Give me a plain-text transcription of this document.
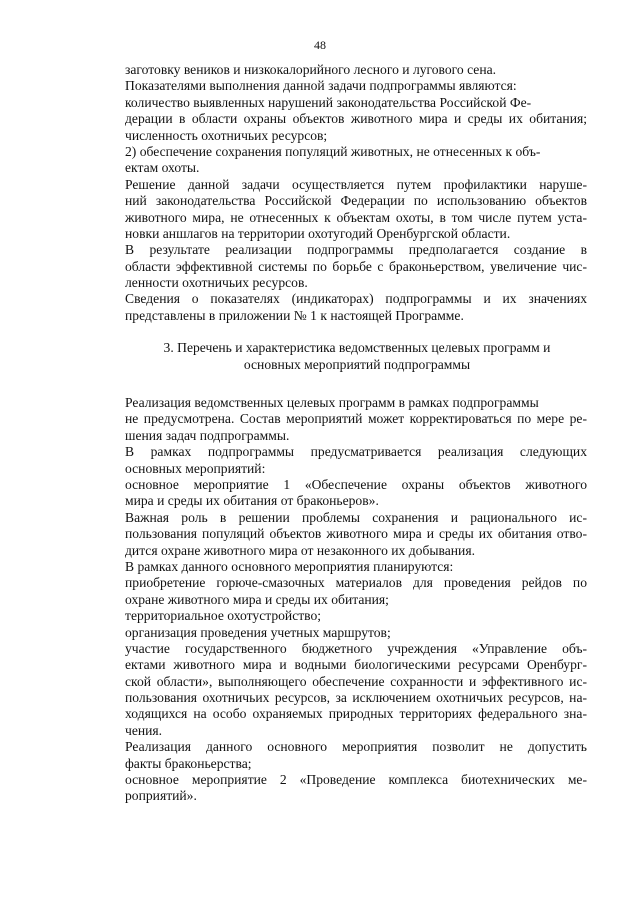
48
заготовку веников и низкокалорийного лесного и лугового сена.
Показателями выполнения данной задачи подпрограммы являются:
количество выявленных нарушений законодательства Российской Фе-
дерации в области охраны объектов животного мира и среды их обитания;
численность охотничьих ресурсов;
2) обеспечение сохранения популяций животных, не отнесенных к объ-
ектам охоты.
Решение данной задачи осуществляется путем профилактики наруше-
ний законодательства Российской Федерации по использованию объектов
животного мира, не отнесенных к объектам охоты, в том числе путем уста-
новки аншлагов на территории охотугодий Оренбургской области.
В результате реализации подпрограммы предполагается создание в
области эффективной системы по борьбе с браконьерством, увеличение чис-
ленности охотничьих ресурсов.
Сведения о показателях (индикаторах) подпрограммы и их значениях
представлены в приложении № 1 к настоящей Программе.
3. Перечень и характеристика ведомственных целевых программ и
основных мероприятий подпрограммы
Реализация ведомственных целевых программ в рамках подпрограммы
не предусмотрена. Состав мероприятий может корректироваться по мере ре-
шения задач подпрограммы.
В рамках подпрограммы предусматривается реализация следующих
основных мероприятий:
основное мероприятие 1 «Обеспечение охраны объектов животного
мира и среды их обитания от браконьеров».
Важная роль в решении проблемы сохранения и рационального ис-
пользования популяций объектов животного мира и среды их обитания отво-
дится охране животного мира от незаконного их добывания.
В рамках данного основного мероприятия планируются:
приобретение горюче-смазочных материалов для проведения рейдов по
охране животного мира и среды их обитания;
территориальное охотустройство;
организация проведения учетных маршрутов;
участие государственного бюджетного учреждения «Управление объ-
ектами животного мира и водными биологическими ресурсами Оренбург-
ской области», выполняющего обеспечение сохранности и эффективного ис-
пользования охотничьих ресурсов, за исключением охотничьих ресурсов, на-
ходящихся на особо охраняемых природных территориях федерального зна-
чения.
Реализация данного основного мероприятия позволит не допустить
факты браконьерства;
основное мероприятие 2 «Проведение комплекса биотехнических ме-
роприятий».
